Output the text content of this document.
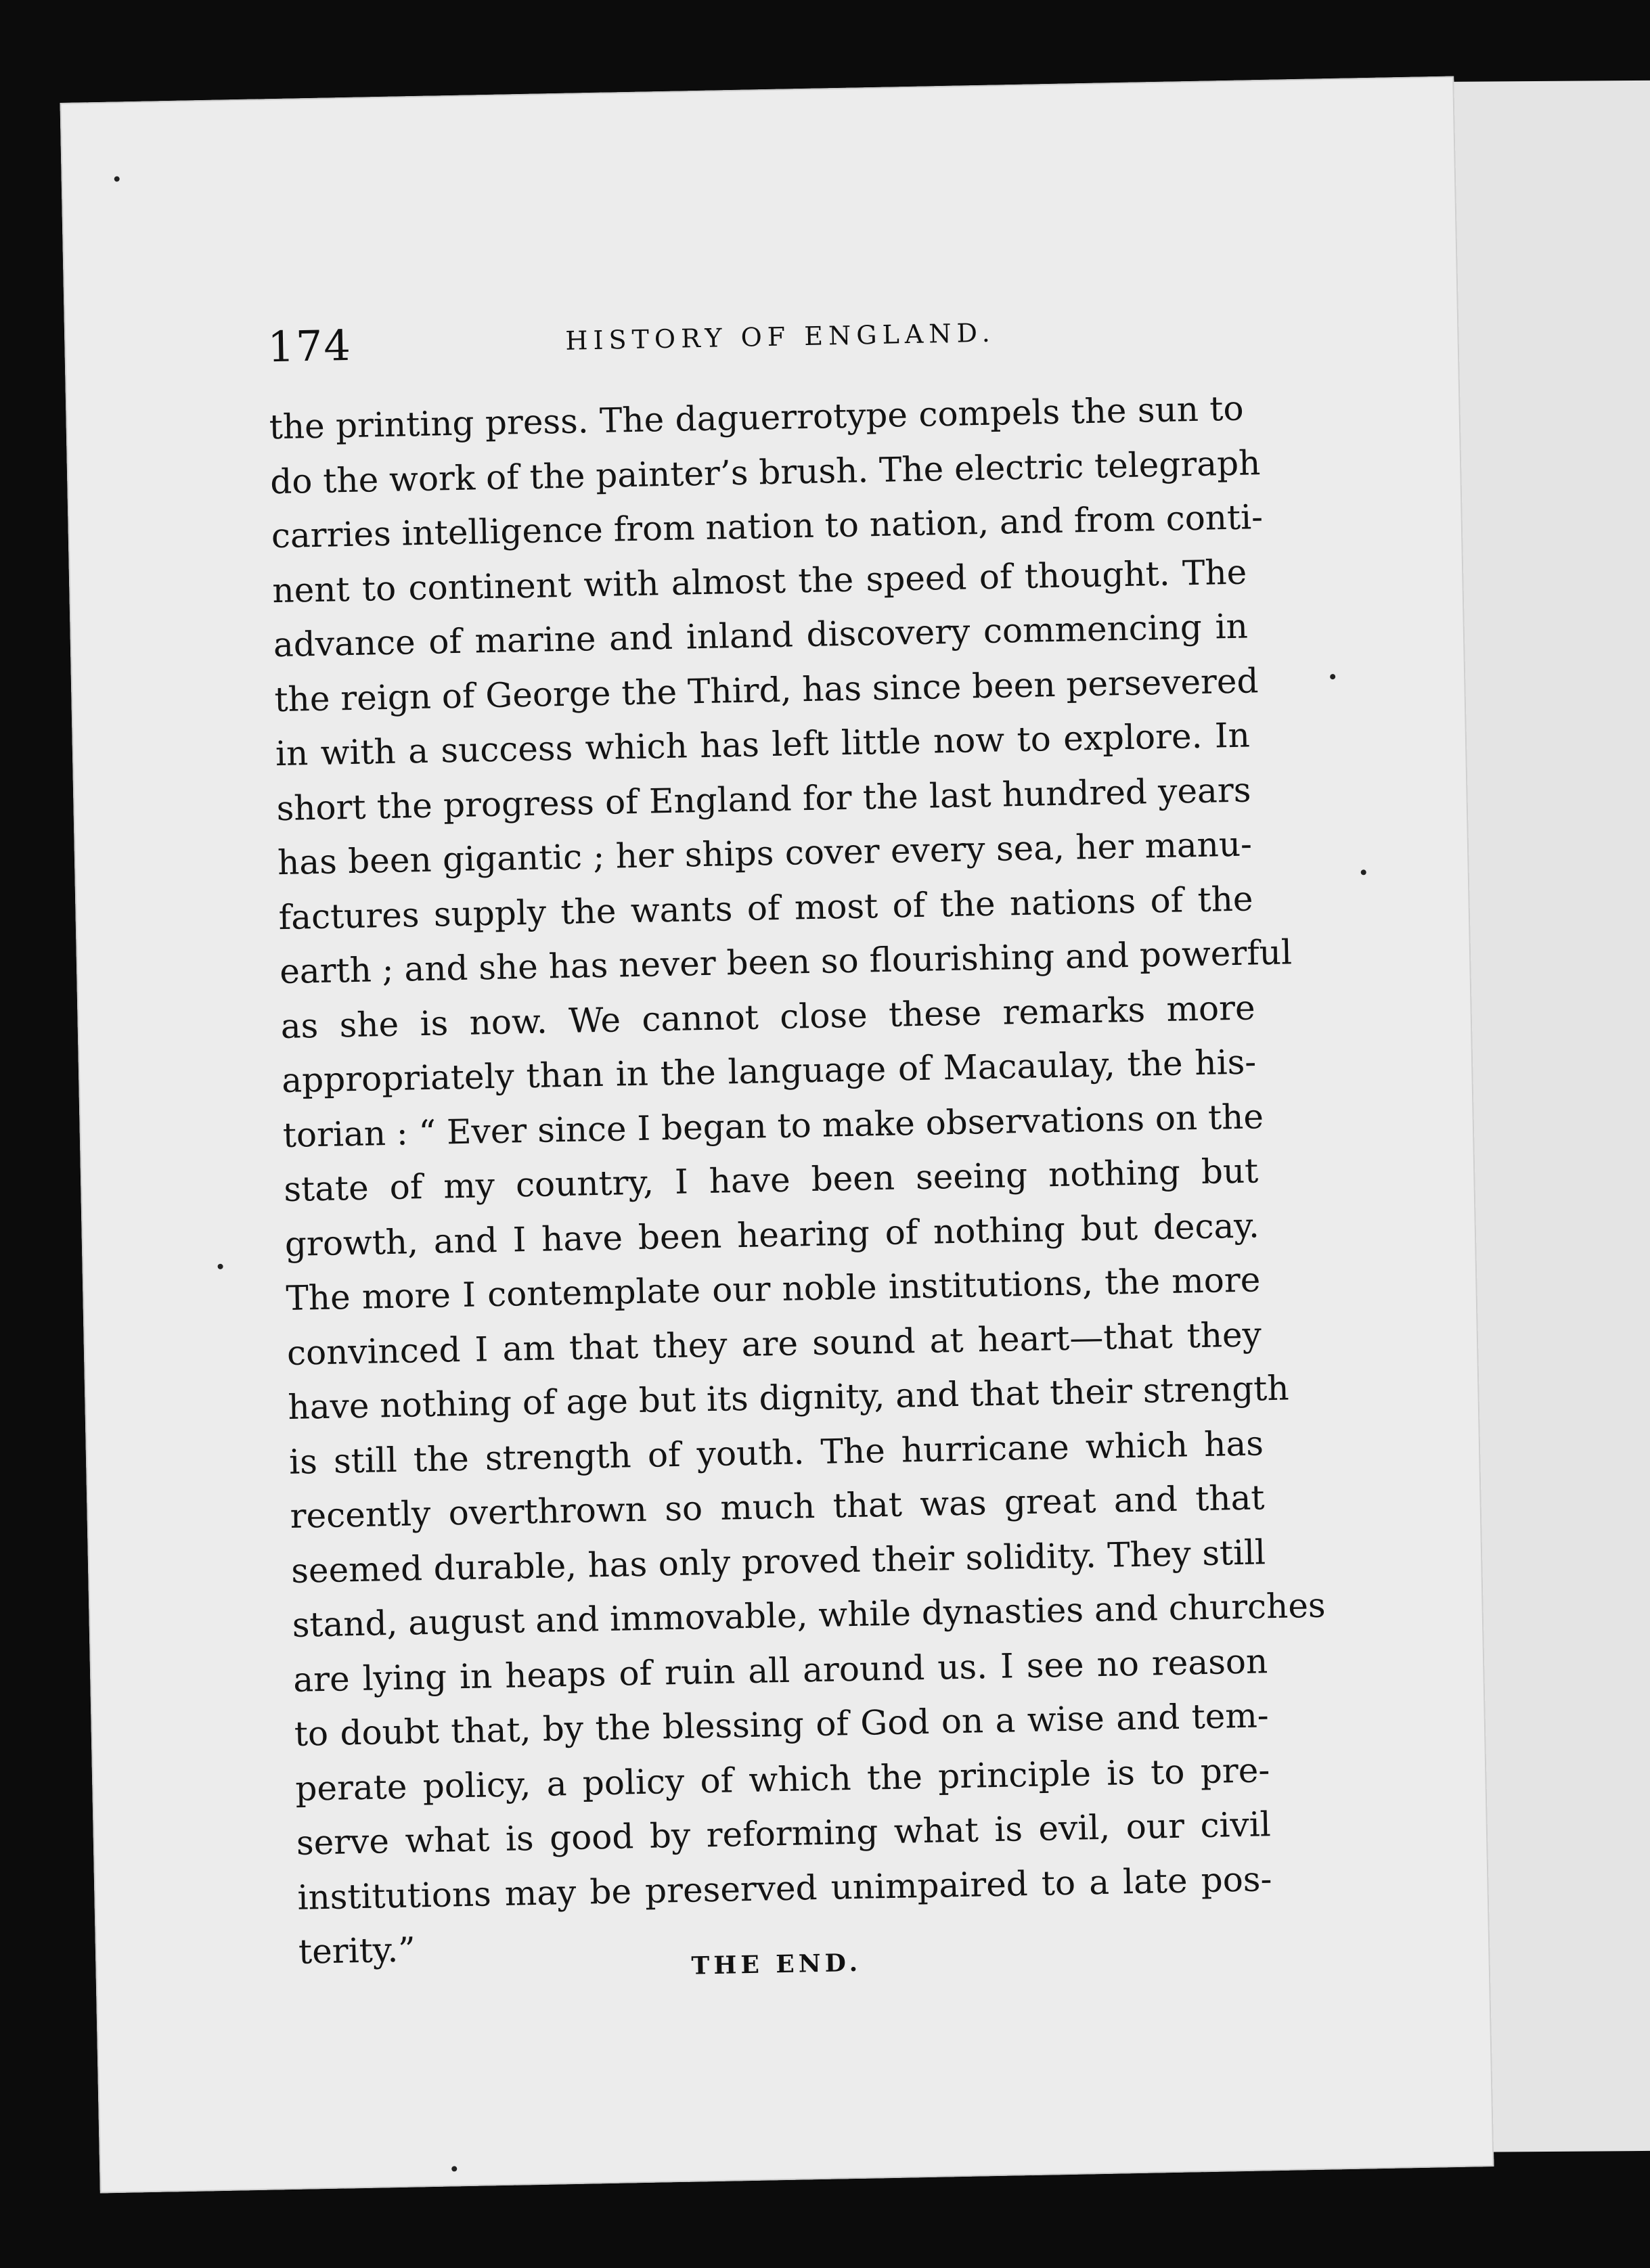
174	HISTORY OF ENGLAND.
the printing press. The daguerrotype compels the sun to
do the work of the painter’s brush. The electric telegraph
carries intelligence from nation to nation, and from conti-
nent to continent with almost the speed of thought. The
advance of marine and inland discovery commencing in
the reign of George the Third, has since been persevered
in with a success which has left little now to explore. In
short the progress of England for the last hundred years
has been gigantic ; her ships cover every sea, her manu-
factures supply the wants of most of the nations of the
earth ; and she has never been so flourishing and powerful
as she is now. We cannot close these remarks more
appropriately than in the language of Macaulay, the his-
torian : “ Ever since I began to make observations on the
state of my country, I have been seeing nothing but
growth, and I have been hearing of nothing but decay.
The more I contemplate our noble institutions, the more
convinced I am that they are sound at heart—that they
have nothing of age but its dignity, and that their strength
is still the strength of youth. The hurricane which has
recently overthrown so much that was great and that
seemed durable, has only proved their solidity. They still
stand, august and immovable, while dynasties and churches
are lying in heaps of ruin all around us. I see no reason
to doubt that, by the blessing of God on a wise and tem-
perate policy, a policy of which the principle is to pre-
serve what is good by reforming what is evil, our civil
institutions may be preserved unimpaired to a late pos-
terity.”	THE END.
